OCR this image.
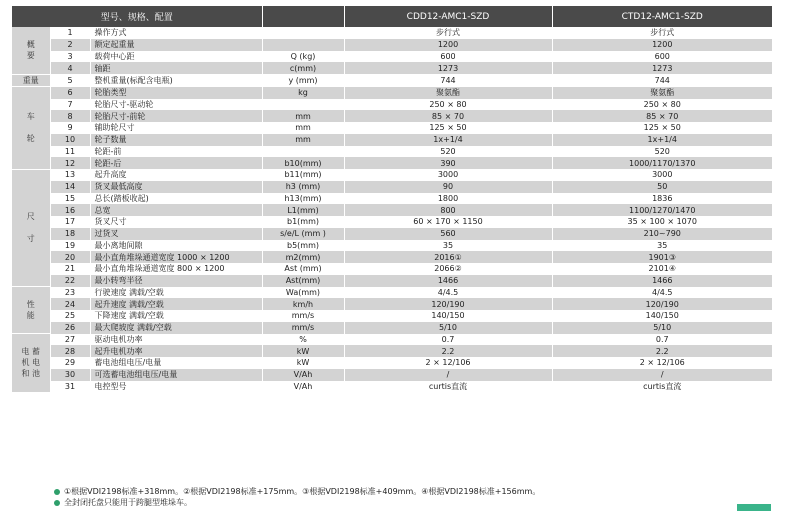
型号、规格、配置				CDD12-AMC1-SZD	CTD12-AMC1-SZD
概
要	1	操作方式		步行式	步行式
	2	额定起重量		1200	1200
	3	载荷中心距	Q (kg)	600	600
	4	轴距	c(mm)	1273	1273
重量	5	整机重量(标配含电瓶)	y (mm)	744	744
车

轮	6	轮胎类型	kg	聚氨酯	聚氨酯
	7	轮胎尺寸-驱动轮		250 × 80	250 × 80
	8	轮胎尺寸-前轮	mm	85 × 70	85 × 70
	9	辅助轮尺寸	mm	125 × 50	125 × 50
	10	轮子数量	mm	1x+1/4	1x+1/4
	11	轮距-前		520	520
	12	轮距-后	b10(mm)	390	1000/1170/1370
尺

寸	13	起升高度	b11(mm)	3000	3000
	14	货叉最低高度	h3 (mm)	90	50
	15	总长(踏板收起)	h13(mm)	1800	1836
	16	总宽	L1(mm)	800	1100/1270/1470
	17	货叉尺寸	b1(mm)	60 × 170 × 1150	35 × 100 × 1070
	18	过货叉	s/e/L (mm )	560	210~790
	19	最小离地间隙	b5(mm)	35	35
	20	最小直角堆垛通道宽度 1000 × 1200	m2(mm)	2016①	1901③
	21	最小直角堆垛通道宽度 800 × 1200	Ast (mm)	2066②	2101④
	22	最小转弯半径	Ast(mm)	1466	1466
性
能	23	行驶速度 满载/空载	Wa(mm)	4/4.5	4/4.5
	24	起升速度 满载/空载	km/h	120/190	120/190
	25	下降速度 满载/空载	mm/s	140/150	140/150
	26	最大爬坡度 满载/空载	mm/s	5/10	5/10
电 蓄
机 电
和 池	27	驱动电机功率	%	0.7	0.7
	28	起升电机功率	kW	2.2	2.2
	29	蓄电池组电压/电量	kW	2 × 12/106	2 × 12/106
	30	可选蓄电池组电压/电量	V/Ah	/	/
	31	电控型号	V/Ah	curtis直流	curtis直流
①根据VDI2198标准+318mm。②根据VDI2198标准+175mm。③根据VDI2198标准+409mm。④根据VDI2198标准+156mm。
全封闭托盘只能用于跨腿型堆垛车。
